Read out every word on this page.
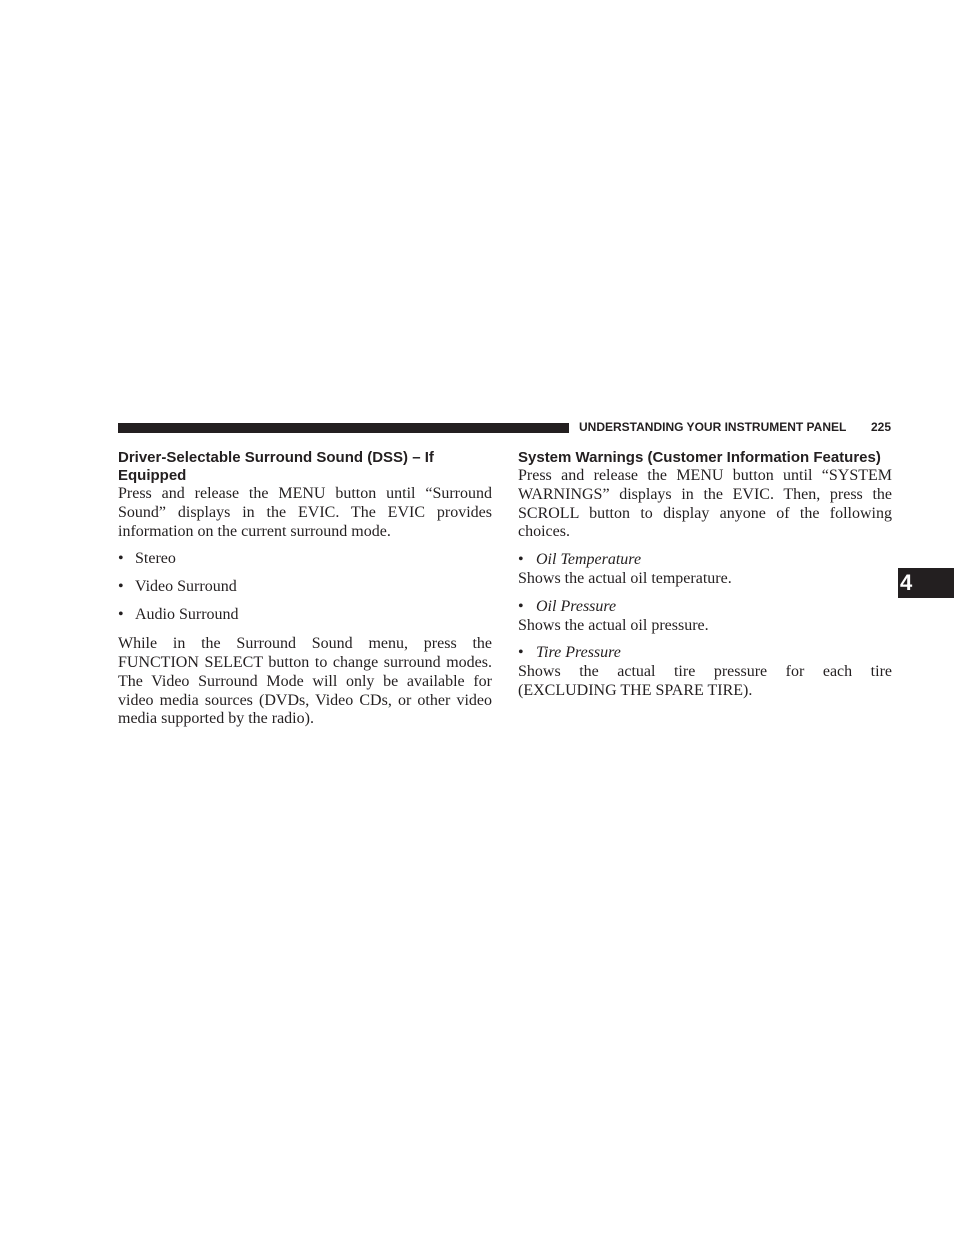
UNDERSTANDING YOUR INSTRUMENT PANEL 225
4
Driver-Selectable Surround Sound (DSS) – If Equipped

Press and release the MENU button until “Surround Sound” displays in the EVIC. The EVIC provides information on the current surround mode.

• Stereo
• Video Surround
• Audio Surround

While in the Surround Sound menu, press the FUNCTION SELECT button to change surround modes. The Video Surround Mode will only be available for video media sources (DVDs, Video CDs, or other video media supported by the radio).

System Warnings (Customer Information Features)

Press and release the MENU button until “SYSTEM WARNINGS” displays in the EVIC. Then, press the SCROLL button to display anyone of the following choices.

• Oil Temperature

Shows the actual oil temperature.

• Oil Pressure

Shows the actual oil pressure.

• Tire Pressure

Shows the actual tire pressure for each tire (EXCLUDING THE SPARE TIRE).
